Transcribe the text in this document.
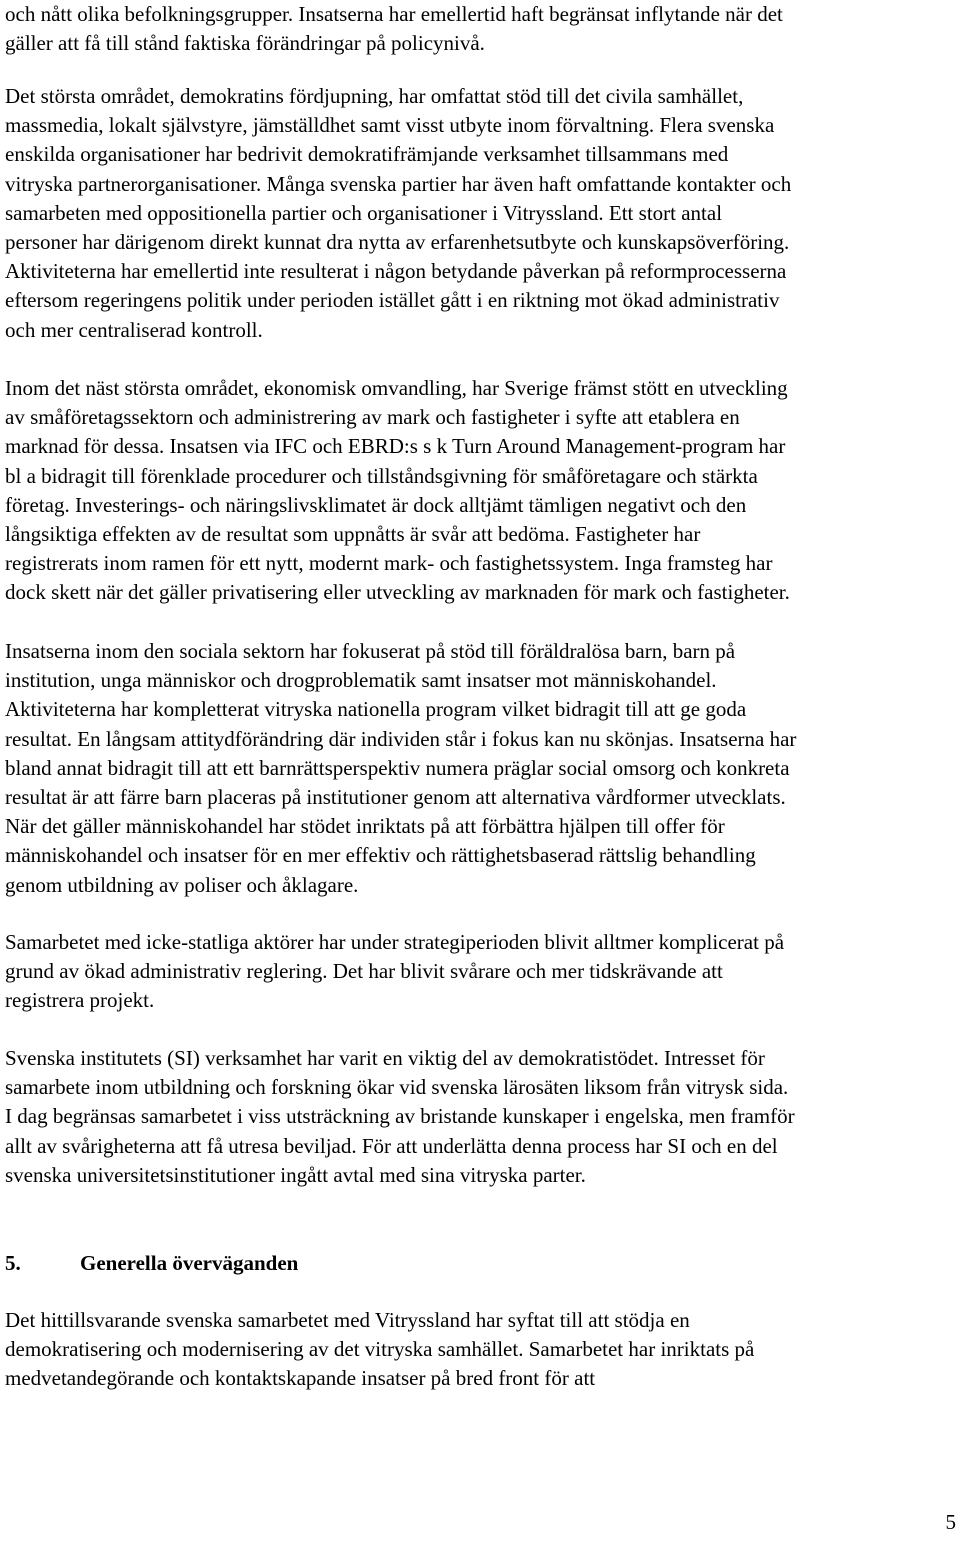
och nått olika befolkningsgrupper. Insatserna har emellertid haft begränsat inflytande när det
gäller att få till stånd faktiska förändringar på policynivå.

Det största området, demokratins fördjupning, har omfattat stöd till det civila samhället,
massmedia, lokalt självstyre, jämställdhet samt visst utbyte inom förvaltning. Flera svenska
enskilda organisationer har bedrivit demokratifrämjande verksamhet tillsammans med
vitryska partnerorganisationer. Många svenska partier har även haft omfattande kontakter och
samarbeten med oppositionella partier och organisationer i Vitryssland. Ett stort antal
personer har därigenom direkt kunnat dra nytta av erfarenhetsutbyte och kunskapsöverföring.
Aktiviteterna har emellertid inte resulterat i någon betydande påverkan på reformprocesserna
eftersom regeringens politik under perioden istället gått i en riktning mot ökad administrativ
och mer centraliserad kontroll.

Inom det näst största området, ekonomisk omvandling, har Sverige främst stött en utveckling
av småföretagssektorn och administrering av mark och fastigheter i syfte att etablera en
marknad för dessa. Insatsen via IFC och EBRD:s s k Turn Around Management-program har
bl a bidragit till förenklade procedurer och tillståndsgivning för småföretagare och stärkta
företag. Investerings- och näringslivsklimatet är dock alltjämt tämligen negativt och den
långsiktiga effekten av de resultat som uppnåtts är svår att bedöma. Fastigheter har
registrerats inom ramen för ett nytt, modernt mark- och fastighetssystem. Inga framsteg har
dock skett när det gäller privatisering eller utveckling av marknaden för mark och fastigheter.

Insatserna inom den sociala sektorn har fokuserat på stöd till föräldralösa barn, barn på
institution, unga människor och drogproblematik samt insatser mot människohandel.
Aktiviteterna har kompletterat vitryska nationella program vilket bidragit till att ge goda
resultat. En långsam attitydförändring där individen står i fokus kan nu skönjas. Insatserna har
bland annat bidragit till att ett barnrättsperspektiv numera präglar social omsorg och konkreta
resultat är att färre barn placeras på institutioner genom att alternativa vårdformer utvecklats.
När det gäller människohandel har stödet inriktats på att förbättra hjälpen till offer för
människohandel och insatser för en mer effektiv och rättighetsbaserad rättslig behandling
genom utbildning av poliser och åklagare.

Samarbetet med icke-statliga aktörer har under strategiperioden blivit alltmer komplicerat på
grund av ökad administrativ reglering. Det har blivit svårare och mer tidskrävande att
registrera projekt.

Svenska institutets (SI) verksamhet har varit en viktig del av demokratistödet. Intresset för
samarbete inom utbildning och forskning ökar vid svenska lärosäten liksom från vitrysk sida.
I dag begränsas samarbetet i viss utsträckning av bristande kunskaper i engelska, men framför
allt av svårigheterna att få utresa beviljad. För att underlätta denna process har SI och en del
svenska universitetsinstitutioner ingått avtal med sina vitryska parter.

5.	Generella överväganden

Det hittillsvarande svenska samarbetet med Vitryssland har syftat till att stödja en
demokratisering och modernisering av det vitryska samhället. Samarbetet har inriktats på
medvetandegörande och kontaktskapande insatser på bred front för att

5
